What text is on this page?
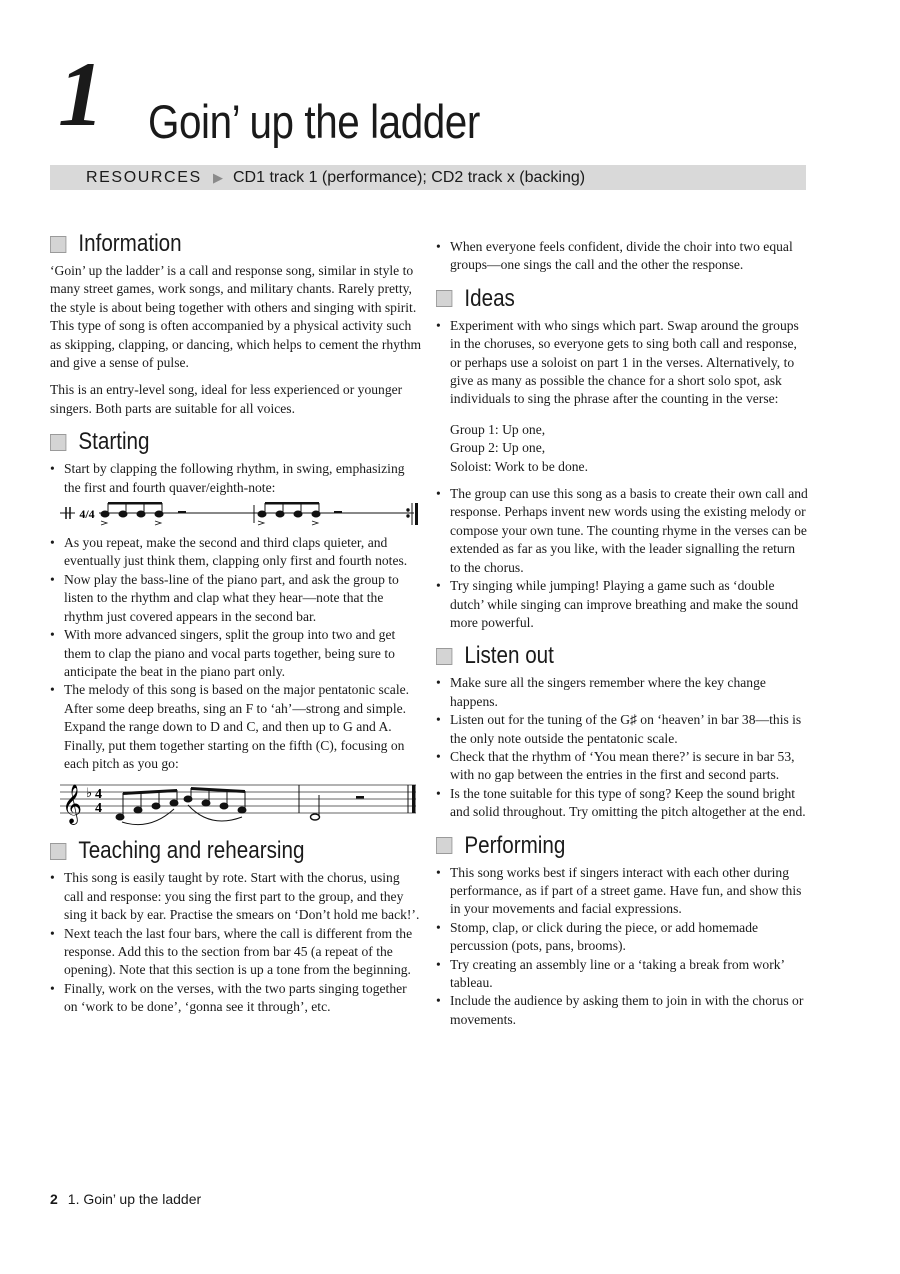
1 Goin’ up the ladder
RESOURCES ▶ CD1 track 1 (performance); CD2 track x (backing)
Information

‘Goin’ up the ladder’ is a call and response song, similar in style to many street games, work songs, and military chants. Rarely pretty, the style is about being together with others and singing with spirit. This type of song is often accompanied by a physical activity such as skipping, clapping, or dancing, which helps to cement the rhythm and give a sense of pulse.

This is an entry-level song, ideal for less experienced or younger singers. Both parts are suitable for all voices.

Starting
• Start by clapping the following rhythm, in swing, emphasizing the first and fourth quaver/eighth-note:
4/4
• As you repeat, make the second and third claps quieter, and eventually just think them, clapping only first and fourth notes.
• Now play the bass-line of the piano part, and ask the group to listen to the rhythm and clap what they hear—note that the rhythm just covered appears in the second bar.
• With more advanced singers, split the group into two and get them to clap the piano and vocal parts together, being sure to anticipate the beat in the piano part only.
• The melody of this song is based on the major pentatonic scale. After some deep breaths, sing an F to ‘ah’—strong and simple. Expand the range down to D and C, and then up to G and A. Finally, put them together starting on the fifth (C), focusing on each pitch as you go:
𝄞 ♭ 4
4
Teaching and rehearsing
• This song is easily taught by rote. Start with the chorus, using call and response: you sing the first part to the group, and they sing it back by ear. Practise the smears on ‘Don’t hold me back!’.
• Next teach the last four bars, where the call is different from the response. Add this to the section from bar 45 (a repeat of the opening). Note that this section is up a tone from the beginning.
• Finally, work on the verses, with the two parts singing together on ‘work to be done’, ‘gonna see it through’, etc.
• When everyone feels confident, divide the choir into two equal groups—one sings the call and the other the response.
Ideas
• Experiment with who sings which part. Swap around the groups in the choruses, so everyone gets to sing both call and response, or perhaps use a soloist on part 1 in the verses. Alternatively, to give as many as possible the chance for a short solo spot, ask individuals to sing the phrase after the counting in the verse:
Group 1: Up one,
Group 2: Up one,
Soloist: Work to be done.
• The group can use this song as a basis to create their own call and response. Perhaps invent new words using the existing melody or compose your own tune. The counting rhyme in the verses can be extended as far as you like, with the leader signalling the return to the chorus.
• Try singing while jumping! Playing a game such as ‘double dutch’ while singing can improve breathing and make the sound more powerful.
Listen out
• Make sure all the singers remember where the key change happens.
• Listen out for the tuning of the G♯ on ‘heaven’ in bar 38—this is the only note outside the pentatonic scale.
• Check that the rhythm of ‘You mean there?’ is secure in bar 53, with no gap between the entries in the first and second parts.
• Is the tone suitable for this type of song? Keep the sound bright and solid throughout. Try omitting the pitch altogether at the end.
Performing
• This song works best if singers interact with each other during performance, as if part of a street game. Have fun, and show this in your movements and facial expressions.
• Stomp, clap, or click during the piece, or add homemade percussion (pots, pans, brooms).
• Try creating an assembly line or a ‘taking a break from work’ tableau.
• Include the audience by asking them to join in with the chorus or movements.
2 1. Goin’ up the ladder
